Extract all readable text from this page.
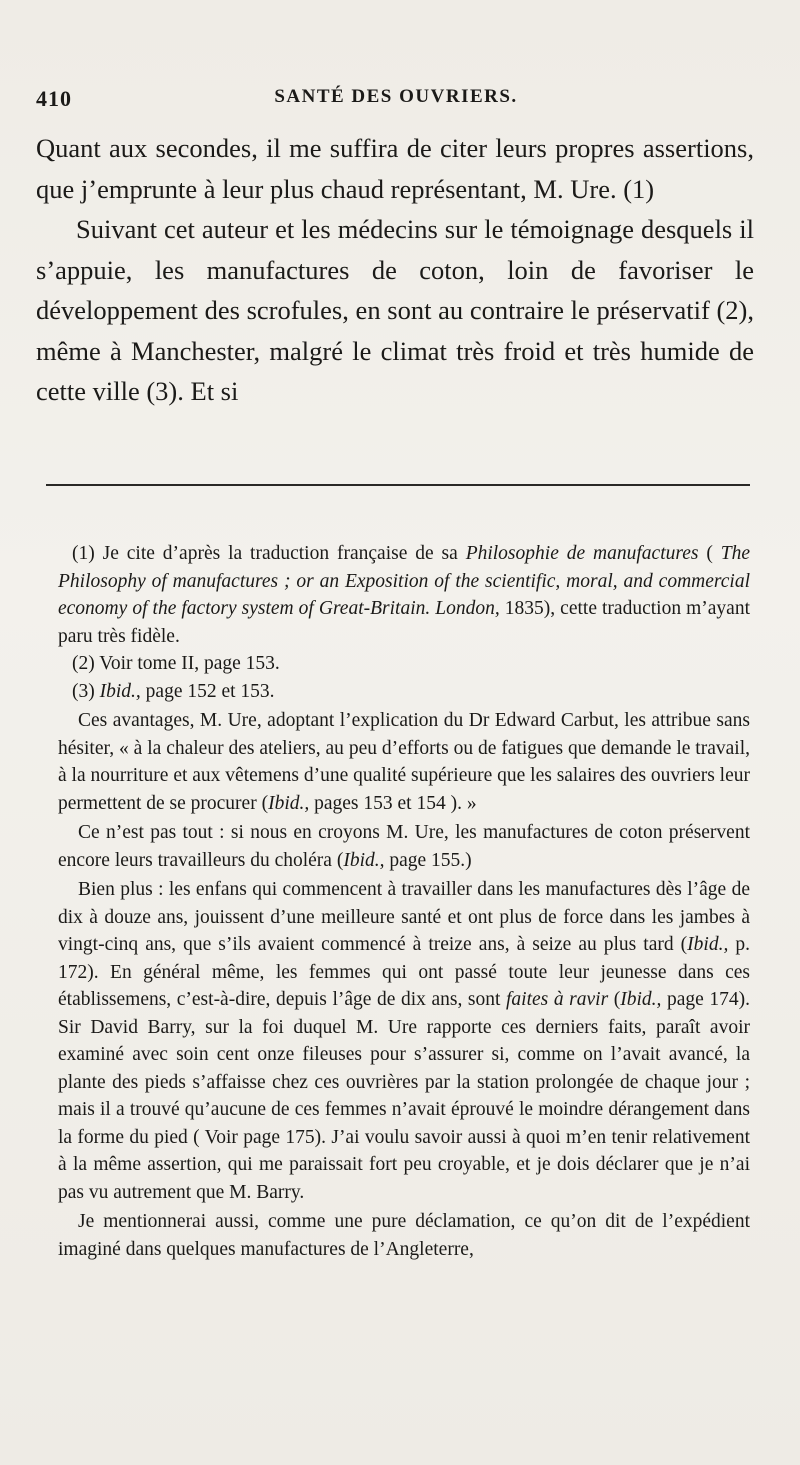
410	SANTÉ DES OUVRIERS.

Quant aux secondes, il me suffira de citer leurs propres assertions, que j’emprunte à leur plus chaud représentant, M. Ure. (1)

Suivant cet auteur et les médecins sur le témoignage desquels il s’appuie, les manufactures de coton, loin de favoriser le développement des scrofules, en sont au contraire le préservatif (2), même à Manchester, malgré le climat très froid et très humide de cette ville (3). Et si

(1) Je cite d’après la traduction française de sa Philosophie de manufactures ( The Philosophy of manufactures ; or an Exposition of the scientific, moral, and commercial economy of the factory system of Great-Britain. London, 1835), cette traduction m’ayant paru très fidèle.

(2) Voir tome II, page 153.

(3) Ibid., page 152 et 153.

Ces avantages, M. Ure, adoptant l’explication du Dr Edward Carbut, les attribue sans hésiter, « à la chaleur des ateliers, au peu d’efforts ou de fatigues que demande le travail, à la nourriture et aux vêtemens d’une qualité supérieure que les salaires des ouvriers leur permettent de se procurer (Ibid., pages 153 et 154 ). »

Ce n’est pas tout : si nous en croyons M. Ure, les manufactures de coton préservent encore leurs travailleurs du choléra (Ibid., page 155.)

Bien plus : les enfans qui commencent à travailler dans les manufactures dès l’âge de dix à douze ans, jouissent d’une meilleure santé et ont plus de force dans les jambes à vingt-cinq ans, que s’ils avaient commencé à treize ans, à seize au plus tard (Ibid., p. 172). En général même, les femmes qui ont passé toute leur jeunesse dans ces établissemens, c’est-à-dire, depuis l’âge de dix ans, sont faites à ravir (Ibid., page 174). Sir David Barry, sur la foi duquel M. Ure rapporte ces derniers faits, paraît avoir examiné avec soin cent onze fileuses pour s’assurer si, comme on l’avait avancé, la plante des pieds s’affaisse chez ces ouvrières par la station prolongée de chaque jour ; mais il a trouvé qu’aucune de ces femmes n’avait éprouvé le moindre dérangement dans la forme du pied ( Voir page 175). J’ai voulu savoir aussi à quoi m’en tenir relativement à la même assertion, qui me paraissait fort peu croyable, et je dois déclarer que je n’ai pas vu autrement que M. Barry.

Je mentionnerai aussi, comme une pure déclamation, ce qu’on dit de l’expédient imaginé dans quelques manufactures de l’Angleterre,
